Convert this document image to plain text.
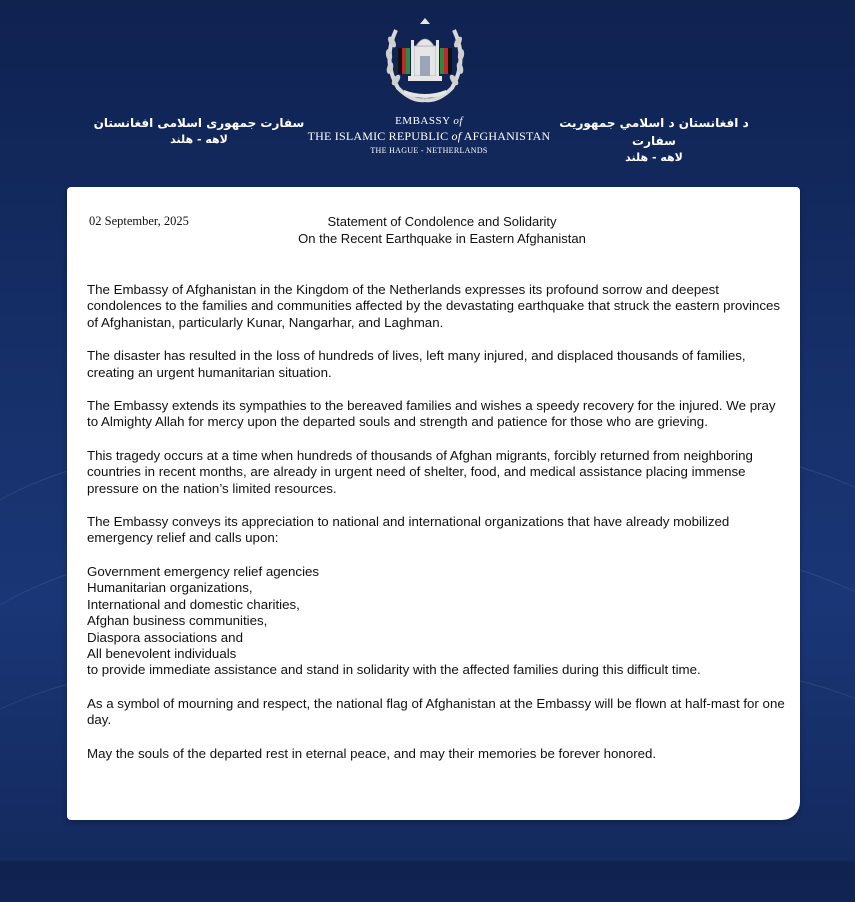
EMBASSY of
THE ISLAMIC REPUBLIC of AFGHANISTAN
THE HAGUE - NETHERLANDS
سفارت جمهوری اسلامی افغانستان
لاهه - هلند
د افغانستان د اسلامي جمهوريت سفارت
لاهه - هلند
02 September, 2025	Statement of Condolence and Solidarity
On the Recent Earthquake in Eastern Afghanistan

The Embassy of Afghanistan in the Kingdom of the Netherlands expresses its profound sorrow and deepest condolences to the families and communities affected by the devastating earthquake that struck the eastern provinces of Afghanistan, particularly Kunar, Nangarhar, and Laghman.

The disaster has resulted in the loss of hundreds of lives, left many injured, and displaced thousands of families, creating an urgent humanitarian situation.

The Embassy extends its sympathies to the bereaved families and wishes a speedy recovery for the injured. We pray to Almighty Allah for mercy upon the departed souls and strength and patience for those who are grieving.

This tragedy occurs at a time when hundreds of thousands of Afghan migrants, forcibly returned from neighboring countries in recent months, are already in urgent need of shelter, food, and medical assistance placing immense pressure on the nation’s limited resources.

The Embassy conveys its appreciation to national and international organizations that have already mobilized emergency relief and calls upon:

Government emergency relief agencies
Humanitarian organizations,
International and domestic charities,
Afghan business communities,
Diaspora associations and
All benevolent individuals
to provide immediate assistance and stand in solidarity with the affected families during this difficult time.

As a symbol of mourning and respect, the national flag of Afghanistan at the Embassy will be flown at half-mast for one day.

May the souls of the departed rest in eternal peace, and may their memories be forever honored.
